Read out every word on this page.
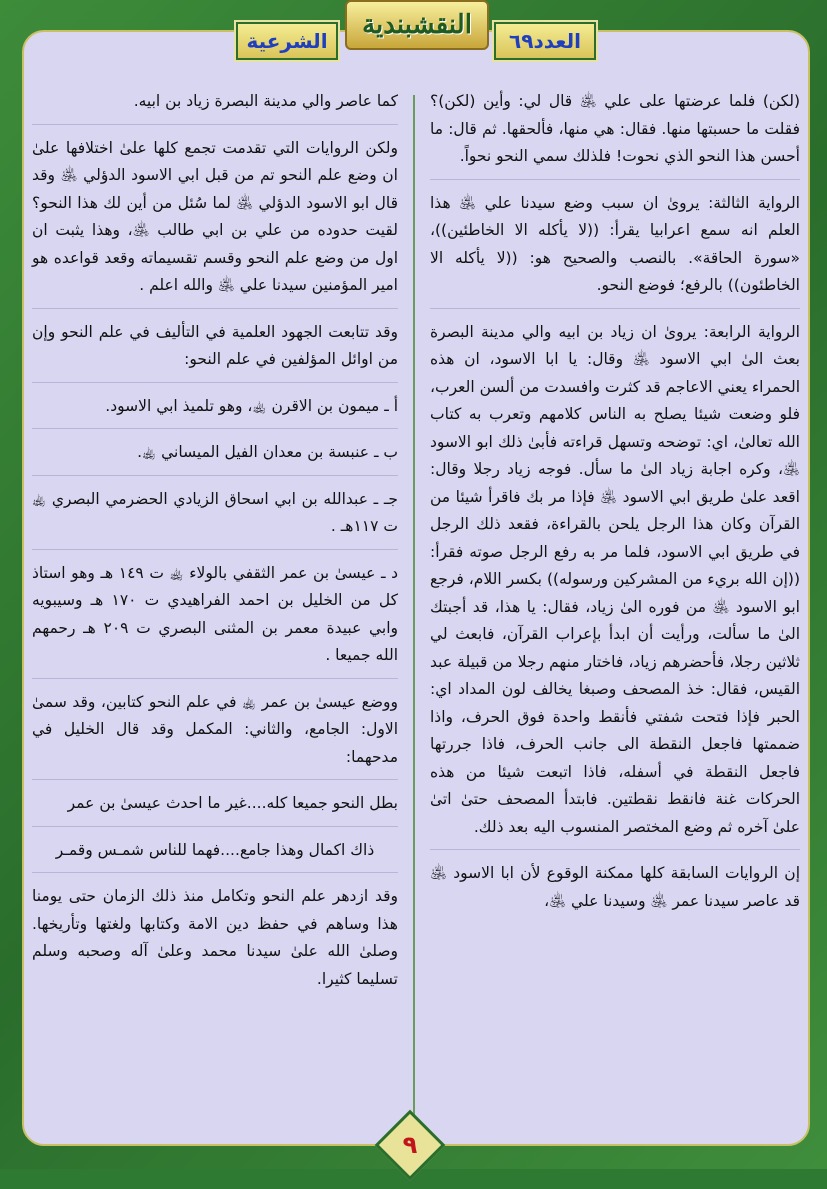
النقشبندية
العدد٦٩
الشرعية

(لكن) فلما عرضتها على علي ﵁ قال لي: وأين (لكن)؟ فقلت ما حسبتها منها. فقال: هي منها، فألحقها. ثم قال: ما أحسن هذا النحو الذي نحوت! فلذلك سمي النحو نحواً.

الرواية الثالثة: يروىٰ ان سبب وضع سيدنا علي ﵁ هذا العلم انه سمع اعرابيا يقرأ: ((لا يأكله الا الخاطئين))، «سورة الحاقة». بالنصب والصحيح هو: ((لا يأكله الا الخاطئون)) بالرفع؛ فوضع النحو.

الرواية الرابعة: يروىٰ ان زياد بن ابيه والي مدينة البصرة بعث الىٰ ابي الاسود ﵁ وقال: يا ابا الاسود، ان هذه الحمراء يعني الاعاجم قد كثرت وافسدت من ألسن العرب، فلو وضعت شيئا يصلح به الناس كلامهم وتعرب به كتاب الله تعالىٰ، اي: توضحه وتسهل قراءته فأبىٰ ذلك ابو الاسود ﵁، وكره اجابة زياد الىٰ ما سأل. فوجه زياد رجلا وقال: اقعد علىٰ طريق ابي الاسود ﵁ فإذا مر بك فاقرأ شيئا من القرآن وكان هذا الرجل يلحن بالقراءة، فقعد ذلك الرجل في طريق ابي الاسود، فلما مر به رفع الرجل صوته فقرأ: ((إن الله بريء من المشركين ورسوله)) بكسر اللام، فرجع ابو الاسود ﵁ من فوره الىٰ زياد، فقال: يا هذا، قد أجبتك الىٰ ما سألت، ورأيت أن ابدأ بإعراب القرآن، فابعث لي ثلاثين رجلا، فأحضرهم زياد، فاختار منهم رجلا من قبيلة عبد القيس، فقال: خذ المصحف وصبغا يخالف لون المداد اي: الحبر فإذا فتحت شفتي فأنقط واحدة فوق الحرف، واذا ضممتها فاجعل النقطة الى جانب الحرف، فاذا جررتها فاجعل النقطة في أسفله، فاذا اتبعت شيئا من هذه الحركات غنة فانقط نقطتين. فابتدأ المصحف حتىٰ اتىٰ علىٰ آخره ثم وضع المختصر المنسوب اليه بعد ذلك.

إن الروايات السابقة كلها ممكنة الوقوع لأن ابا الاسود ﵁ قد عاصر سيدنا عمر ﵁ وسيدنا علي ﵁،

كما عاصر والي مدينة البصرة زياد بن ابيه.

ولكن الروايات التي تقدمت تجمع كلها علىٰ اختلافها علىٰ ان وضع علم النحو تم من قبل ابي الاسود الدؤلي ﵁ وقد قال ابو الاسود الدؤلي ﵁ لما سُئل من أين لك هذا النحو؟ لقيت حدوده من علي بن ابي طالب ﵁، وهذا يثبت ان اول من وضع علم النحو وقسم تقسيماته وقعد قواعده هو امير المؤمنين سيدنا علي ﵁ والله اعلم .

وقد تتابعت الجهود العلمية في التأليف في علم النحو وإن من اوائل المؤلفين في علم النحو:

أ ـ ميمون بن الاقرن ﵀، وهو تلميذ ابي الاسود.

ب ـ عنبسة بن معدان الفيل الميساني ﵀.

جـ ـ عبدالله بن ابي اسحاق الزيادي الحضرمي البصري ﵀ ت ١١٧هـ .

د ـ عيسىٰ بن عمر الثقفي بالولاء ﵀ ت ١٤٩ هـ وهو استاذ كل من الخليل بن احمد الفراهيدي ت ١٧٠ هـ وسيبويه وابي عبيدة معمر بن المثنى البصري ت ٢٠٩ هـ رحمهم الله جميعا .

ووضع عيسىٰ بن عمر ﵀ في علم النحو كتابين، وقد سمىٰ الاول: الجامع، والثاني: المكمل وقد قال الخليل في مدحهما:

بطل النحو جميعا كله....غير ما احدث عيسىٰ بن عمر

ذاك اكمال وهذا جامع....فهما للناس شمـس وقمـر

وقد ازدهر علم النحو وتكامل منذ ذلك الزمان حتى يومنا هذا وساهم في حفظ دين الامة وكتابها ولغتها وتأريخها. وصلىٰ الله علىٰ سيدنا محمد وعلىٰ آله وصحبه وسلم تسليما كثيرا.

٩
